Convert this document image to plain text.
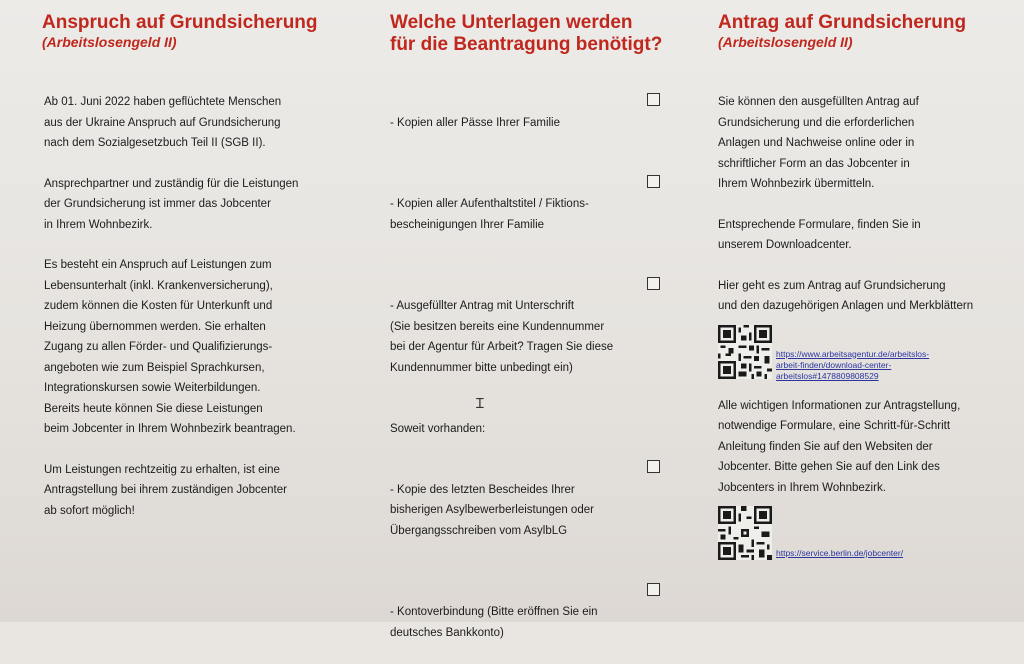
Anspruch auf Grundsicherung
(Arbeitslosengeld II)

Ab 01. Juni 2022 haben geflüchtete Menschen
aus der Ukraine Anspruch auf Grundsicherung
nach dem Sozialgesetzbuch Teil II (SGB II).

Ansprechpartner und zuständig für die Leistungen
der Grundsicherung ist immer das Jobcenter
in Ihrem Wohnbezirk.

Es besteht ein Anspruch auf Leistungen zum
Lebensunterhalt (inkl. Krankenversicherung),
zudem können die Kosten für Unterkunft und
Heizung übernommen werden. Sie erhalten
Zugang zu allen Förder- und Qualifizierungs-
angeboten wie zum Beispiel Sprachkursen,
Integrationskursen sowie Weiterbildungen.
Bereits heute können Sie diese Leistungen
beim Jobcenter in Ihrem Wohnbezirk beantragen.

Um Leistungen rechtzeitig zu erhalten, ist eine
Antragstellung bei ihrem zuständigen Jobcenter
ab sofort möglich!

Welche Unterlagen werden
für die Beantragung benötigt?

- Kopien aller Pässe Ihrer Familie

- Kopien aller Aufenthaltstitel / Fiktions-
bescheinigungen Ihrer Familie

- Ausgefüllter Antrag mit Unterschrift
(Sie besitzen bereits eine Kundennummer
bei der Agentur für Arbeit? Tragen Sie diese
Kundennummer bitte unbedingt ein)

Soweit vorhanden:

- Kopie des letzten Bescheides Ihrer
bisherigen Asylbewerberleistungen oder
Übergangsschreiben vom AsylbLG

- Kontoverbindung (Bitte eröffnen Sie ein
deutsches Bankkonto)

Antrag auf Grundsicherung
(Arbeitslosengeld II)

Sie können den ausgefüllten Antrag auf
Grundsicherung und die erforderlichen
Anlagen und Nachweise online oder in
schriftlicher Form an das Jobcenter in
Ihrem Wohnbezirk übermitteln.

Entsprechende Formulare, finden Sie in
unserem Downloadcenter.

Hier geht es zum Antrag auf Grundsicherung
und den dazugehörigen Anlagen und Merkblättern

https://www.arbeitsagentur.de/arbeitslos-
arbeit-finden/download-center-
arbeitslos#1478809808529

Alle wichtigen Informationen zur Antragstellung,
notwendige Formulare, eine Schritt-für-Schritt
Anleitung finden Sie auf den Websiten der
Jobcenter. Bitte gehen Sie auf den Link des
Jobcenters in Ihrem Wohnbezirk.

https://service.berlin.de/jobcenter/
Ɪ
